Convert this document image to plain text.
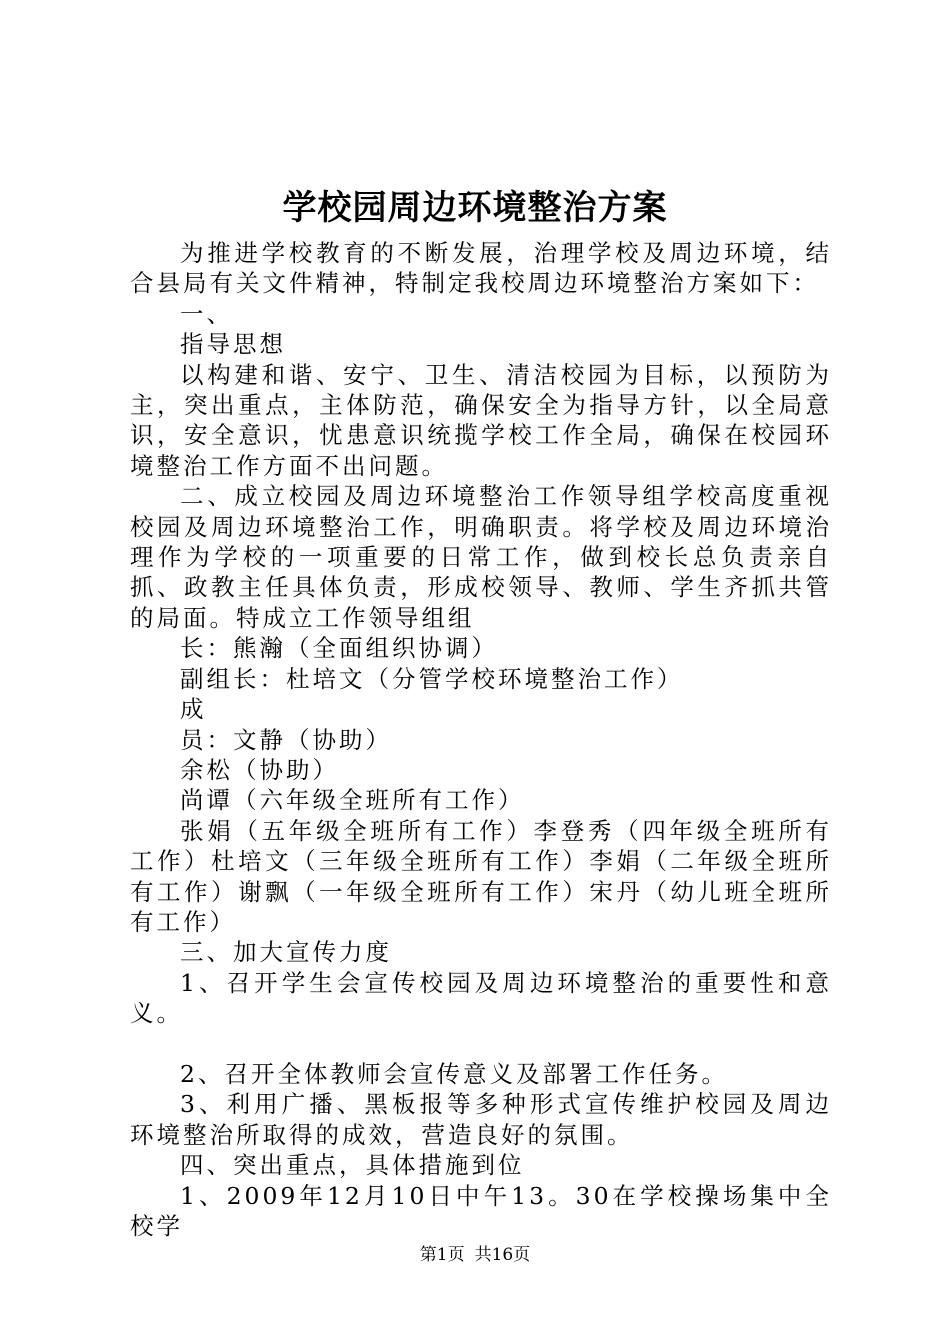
学校园周边环境整治方案

为推进学校教育的不断发展，治理学校及周边环境，结合县局有关文件精神，特制定我校周边环境整治方案如下：

一、

指导思想

以构建和谐、安宁、卫生、清洁校园为目标，以预防为主，突出重点，主体防范，确保安全为指导方针，以全局意识，安全意识，忧患意识统揽学校工作全局，确保在校园环境整治工作方面不出问题。

二、成立校园及周边环境整治工作领导组学校高度重视校园及周边环境整治工作，明确职责。将学校及周边环境治理作为学校的一项重要的日常工作，做到校长总负责亲自抓、政教主任具体负责，形成校领导、教师、学生齐抓共管的局面。特成立工作领导组组

长：熊瀚（全面组织协调）

副组长：杜培文（分管学校环境整治工作）

成

员：文静（协助）

余松（协助）

尚谭（六年级全班所有工作）

张娟（五年级全班所有工作）李登秀（四年级全班所有工作）杜培文（三年级全班所有工作）李娟（二年级全班所有工作）谢飘（一年级全班所有工作）宋丹（幼儿班全班所有工作）

三、加大宣传力度

1、召开学生会宣传校园及周边环境整治的重要性和意义。

2、召开全体教师会宣传意义及部署工作任务。

3、利用广播、黑板报等多种形式宣传维护校园及周边环境整治所取得的成效，营造良好的氛围。

四、突出重点，具体措施到位

1、2009年12月10日中午13。30在学校操场集中全校学

第1页 共16页
